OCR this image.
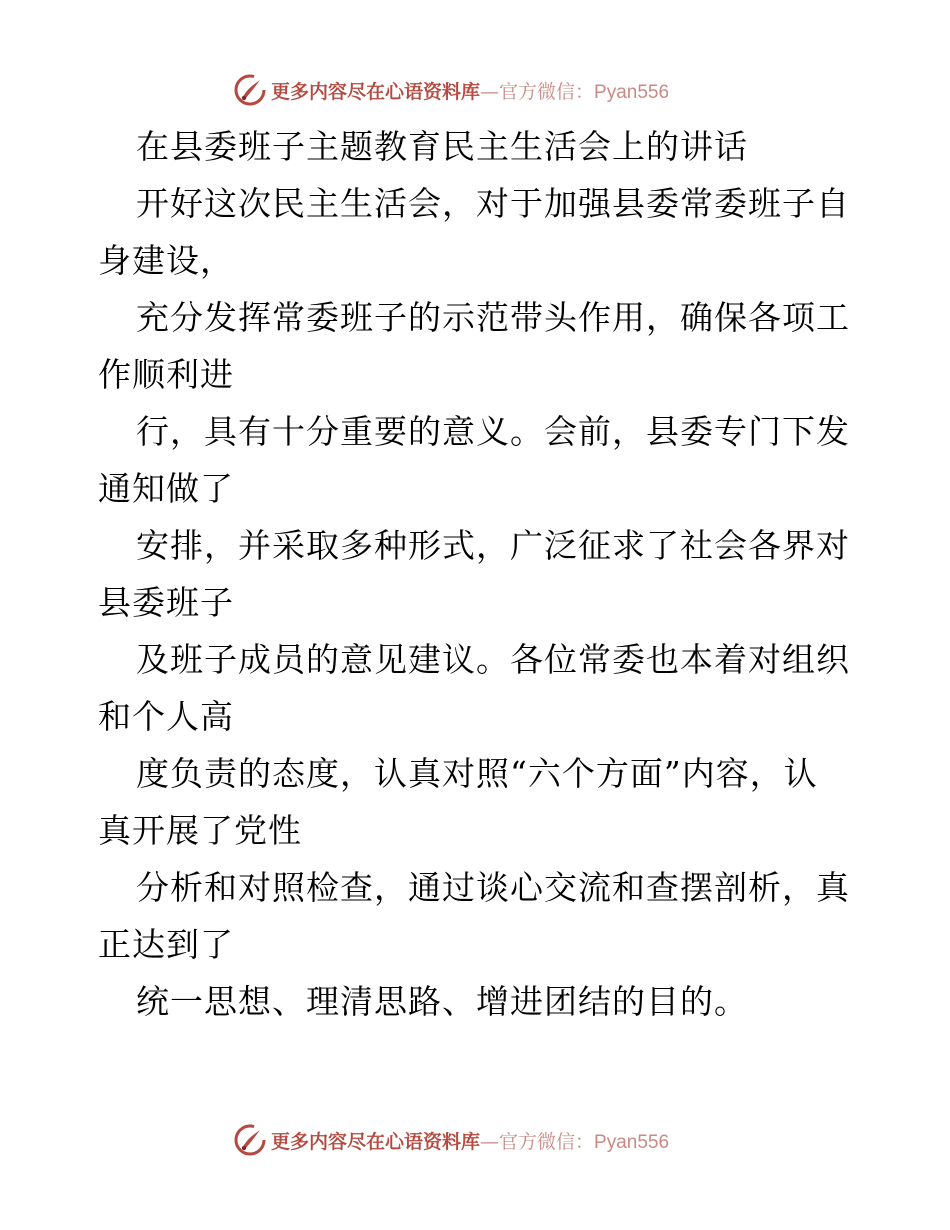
更多内容尽在心语资料库—官方微信：Pyan556
在县委班子主题教育民主生活会上的讲话
开好这次民主生活会，对于加强县委常委班子自
身建设，
充分发挥常委班子的示范带头作用，确保各项工
作顺利进
行，具有十分重要的意义。会前，县委专门下发
通知做了
安排，并采取多种形式，广泛征求了社会各界对
县委班子
及班子成员的意见建议。各位常委也本着对组织
和个人高
度负责的态度，认真对照“六个方面”内容，认
真开展了党性
分析和对照检查，通过谈心交流和查摆剖析，真
正达到了
统一思想、理清思路、增进团结的目的。
更多内容尽在心语资料库—官方微信：Pyan556
